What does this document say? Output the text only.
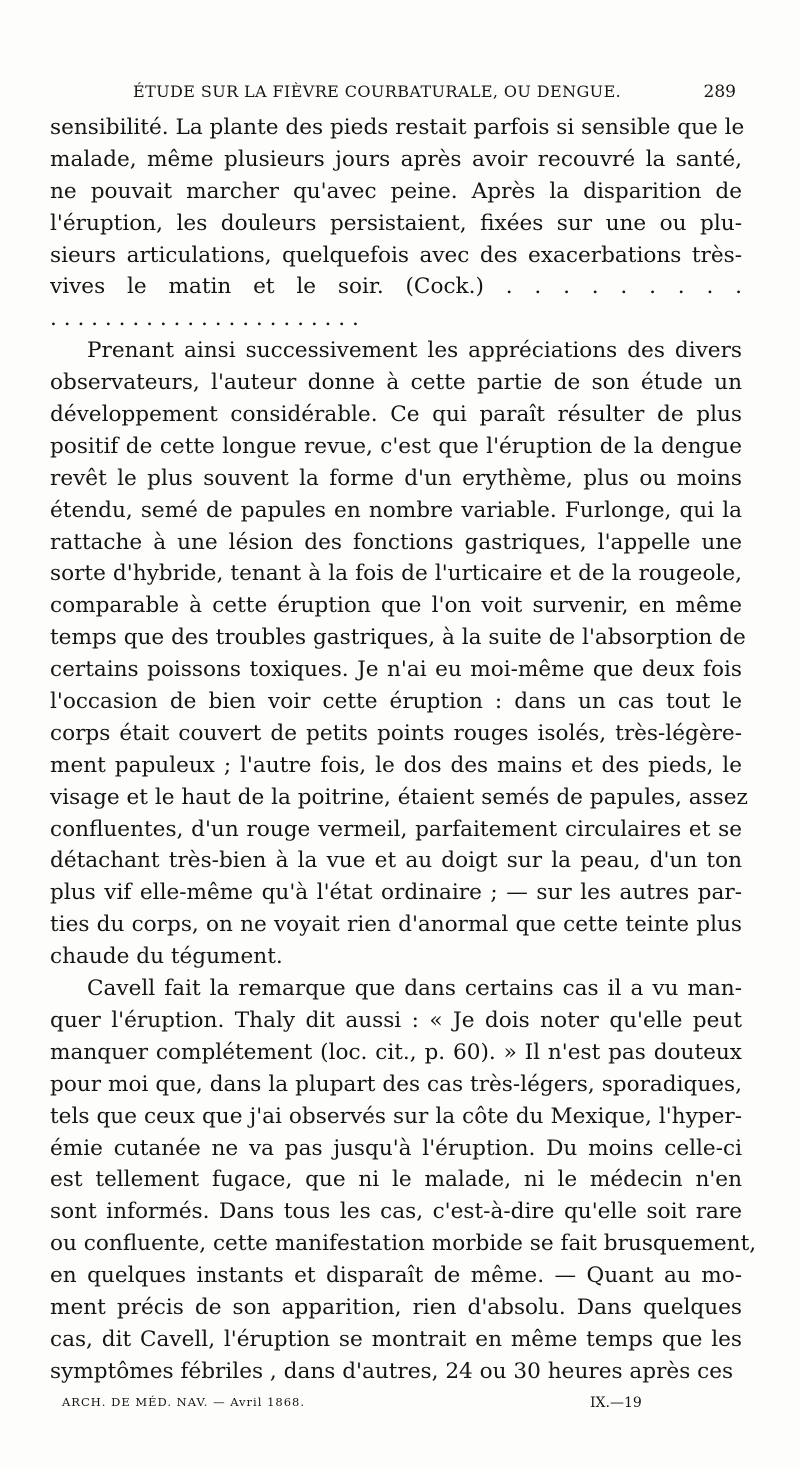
ÉTUDE SUR LA FIÈVRE COURBATURALE, OU DENGUE.	289
sensibilité. La plante des pieds restait parfois si sensible que le
malade, même plusieurs jours après avoir recouvré la santé,
ne pouvait marcher qu'avec peine. Après la disparition de
l'éruption, les douleurs persistaient, fixées sur une ou plu-
sieurs articulations, quelquefois avec des exacerbations très-
vives le matin et le soir. (Cock.) . . . . . . . . .
. . . . . . . . . . . . . . . . . . . . . . .
Prenant ainsi successivement les appréciations des divers
observateurs, l'auteur donne à cette partie de son étude un
développement considérable. Ce qui paraît résulter de plus
positif de cette longue revue, c'est que l'éruption de la dengue
revêt le plus souvent la forme d'un erythème, plus ou moins
étendu, semé de papules en nombre variable. Furlonge, qui la
rattache à une lésion des fonctions gastriques, l'appelle une
sorte d'hybride, tenant à la fois de l'urticaire et de la rougeole,
comparable à cette éruption que l'on voit survenir, en même
temps que des troubles gastriques, à la suite de l'absorption de
certains poissons toxiques. Je n'ai eu moi-même que deux fois
l'occasion de bien voir cette éruption : dans un cas tout le
corps était couvert de petits points rouges isolés, très-légère-
ment papuleux ; l'autre fois, le dos des mains et des pieds, le
visage et le haut de la poitrine, étaient semés de papules, assez
confluentes, d'un rouge vermeil, parfaitement circulaires et se
détachant très-bien à la vue et au doigt sur la peau, d'un ton
plus vif elle-même qu'à l'état ordinaire ; — sur les autres par-
ties du corps, on ne voyait rien d'anormal que cette teinte plus
chaude du tégument.
Cavell fait la remarque que dans certains cas il a vu man-
quer l'éruption. Thaly dit aussi : « Je dois noter qu'elle peut
manquer complétement (loc. cit., p. 60). » Il n'est pas douteux
pour moi que, dans la plupart des cas très-légers, sporadiques,
tels que ceux que j'ai observés sur la côte du Mexique, l'hyper-
émie cutanée ne va pas jusqu'à l'éruption. Du moins celle-ci
est tellement fugace, que ni le malade, ni le médecin n'en
sont informés. Dans tous les cas, c'est-à-dire qu'elle soit rare
ou confluente, cette manifestation morbide se fait brusquement,
en quelques instants et disparaît de même. — Quant au mo-
ment précis de son apparition, rien d'absolu. Dans quelques
cas, dit Cavell, l'éruption se montrait en même temps que les
symptômes fébriles , dans d'autres, 24 ou 30 heures après ces
ARCH. DE MÉD. NAV. — Avril 1868.	IX.—19
